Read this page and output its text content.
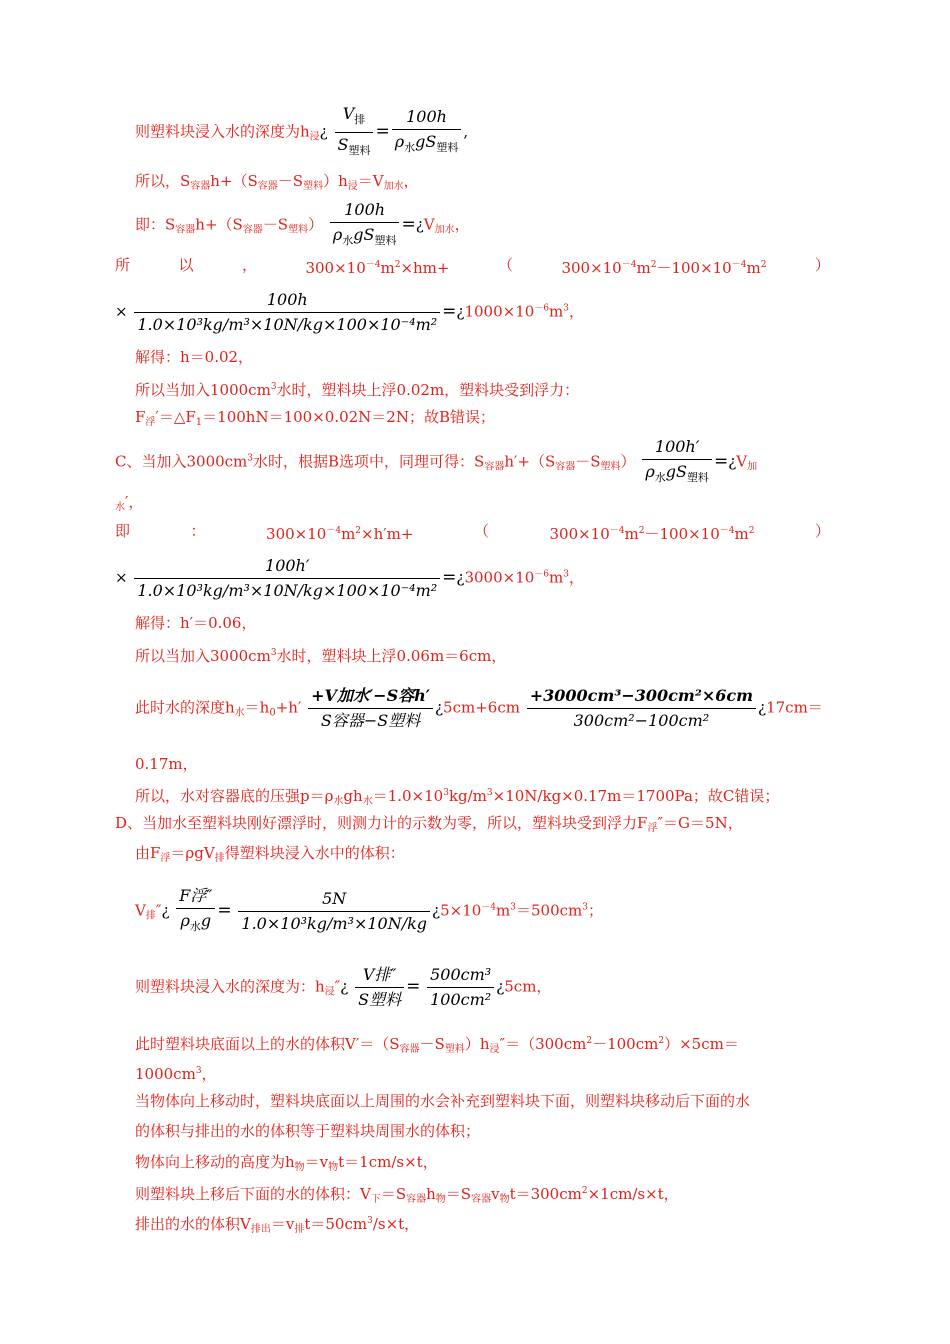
则塑料块浸入水的深度为$h_浸¿ \frac{V_排}{S_{塑料}} = \frac{100h}{\rho_水gS_{塑料}}$ ,
所以，$S_{容器}h+(S_{容器}-S_{塑料})h_浸=V_{加水}$，
即：$S_{容器}h+(S_{容器}-S_{塑料}) \frac{100h}{\rho_水gS_{塑料}}$ $=¿V_{加水}$，
所	以	，	$300\times 10^{-4}m^2\times hm+$	（	$300\times 10^{-4}m^2-100\times 10^{-4}m^2$	）
× $\frac{100h}{\text{1.0×10³kg/m³×10N/kg×100×10⁻⁴m²}}$ $=¿1000\times 10^{-6}m^3$，
解得：h＝0.02，
所以当加入$1000cm^3$水时，塑料块上浮0.02m，塑料块受到浮力：
$F_浮'=\triangle F_1=100hN=100\times 0.02N=2N$；故B错误；
C、当加入$3000cm^3$水时，根据B选项中，同理可得：$S_{容器}h'+(S_{容器}-S_{塑料}) \frac{100h'}{\rho_水gS_{塑料}}$ $=¿V_加$
$_水$′，
即	：	$300\times 10^{-4}m^2\times h'm+$	（	$300\times 10^{-4}m^2-100\times 10^{-4}m^2$	）
× $\frac{100h'}{\text{1.0×10³kg/m³×10N/kg×100×10⁻⁴m²}}$ $=¿3000\times 10^{-6}m^3$，
解得：h′＝0.06，
所以当加入$3000cm^3$水时，塑料块上浮0.06m＝6cm，
此时水的深度$h_水=h_0+h' \frac{\text{+V加水′−S容h′}}{\text{S容器−S塑料}}$ ¿$5cm+6cm \frac{\text{+3000cm³−300cm²×6cm}}{\text{300cm²−100cm²}}$ ¿17cm＝
0.17m，
所以，水对容器底的压强$p=\rho_水gh_水=1.0\times 10^3kg/m^3\times 10N/kg\times 0.17m=1700Pa$；故C错误；
D、当加水至塑料块刚好漂浮时，则测力计的示数为零，所以，塑料块受到浮力$F_浮''=G=5N$，
由$F_浮=\rho gV_排$得塑料块浸入水中的体积：
$V_排''¿ \frac{\text{F浮″}}{\rho_水g} = \frac{5N}{\text{1.0×10³kg/m³×10N/kg}}$ ¿$5\times 10^{-4}m^3=500cm^3$；
则塑料块浸入水的深度为：$h_浸''¿ \frac{\text{V排″}}{\text{S塑料}} = \frac{\text{500cm³}}{\text{100cm²}}$ ¿5cm，
此时塑料块底面以上的水的体积$V'=(S_{容器}-S_{塑料})h_浸''=(300cm^2-100cm^2)\times 5cm=$
$1000cm^3$，
当物体向上移动时，塑料块底面以上周围的水会补充到塑料块下面，则塑料块移动后下面的水
的体积与排出的水的体积等于塑料块周围水的体积；
物体向上移动的高度为$h_物=v_物t=1cm/s\times t$，
则塑料块上移后下面的水的体积：$V_下=S_{容器}h_物=S_{容器}v_物t=300cm^2\times 1cm/s\times t$，
排出的水的体积$V_{排出}=v_排t=50cm^3/s\times t$，
